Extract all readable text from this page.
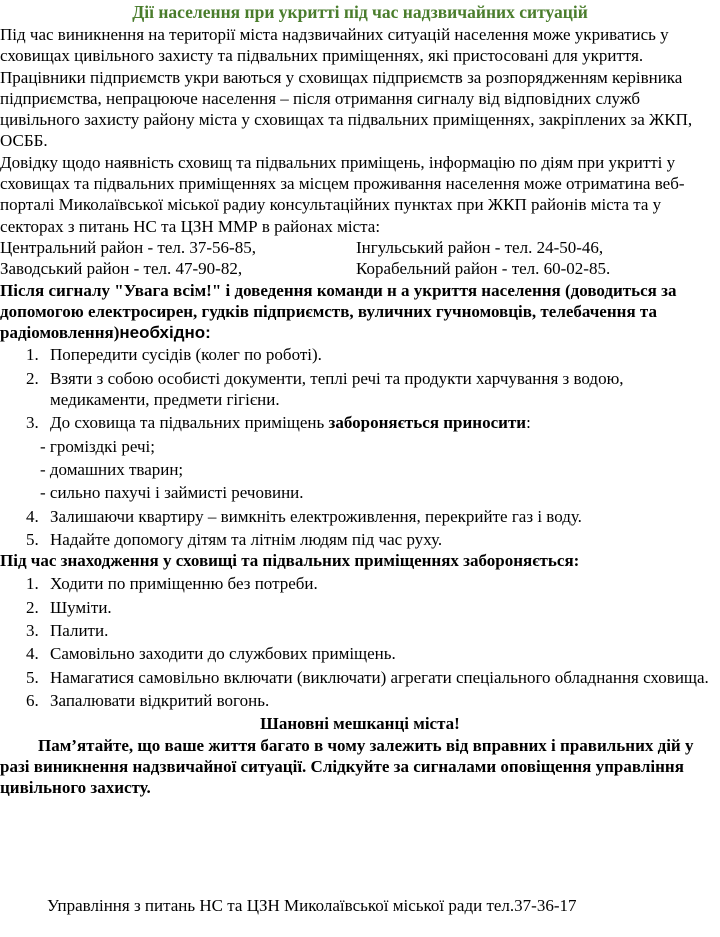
Дії населення при укритті під час надзвичайних ситуацій

Під час виникнення на території міста надзвичайних ситуацій населення може укриватись у сховищах цивільного захисту та підвальних приміщеннях, які пристосовані для укриття.

Працівники підприємств укри ваються у сховищах підприємств за розпорядженням керівника підприємства, непрацююче населення – після отримання сигналу від відповідних служб цивільного захисту району міста у сховищах та підвальних приміщеннях, закріплених за ЖКП, ОСББ.

Довідку щодо наявність сховищ та підвальних приміщень, інформацію по діям при укритті у сховищах та підвальних приміщеннях за місцем проживання населення може отриматина веб-порталі Миколаївської міської радиу консультаційних пунктах при ЖКП районів міста та у секторах з питань НС та ЦЗН ММР в районах міста:

Центральний район - тел. 37-56-85,	Інгульський район - тел. 24-50-46,
Заводський район - тел. 47-90-82,	Корабельний район - тел. 60-02-85.

Після сигналу "Увага всім!" і доведення команди н а укриття населення (доводиться за допомогою електросирен, гудків підприємств, вуличних гучномовців, телебачення та радіомовлення)необхідно:

1. Попередити сусідів (колег по роботі).
2. Взяти з собою особисті документи, теплі речі та продукти харчування з водою, медикаменти, предмети гігієни.
3. До сховища та підвальних приміщень забороняється приносити:

- громіздкі речі;

- домашних тварин;

- сильно пахучі і займисті речовини.

4. Залишаючи квартиру – вимкніть електроживлення, перекрийте газ і воду.
5. Надайте допомогу дітям та літнім людям під час руху.

Під час знаходження у сховищі та підвальних приміщеннях забороняється:

1. Ходити по приміщенню без потреби.
2. Шуміти.
3. Палити.
4. Самовільно заходити до службових приміщень.
5. Намагатися самовільно включати (виключати) агрегати спеціального обладнання сховища.
6. Запалювати відкритий вогонь.

Шановні мешканці міста!

Пам’ятайте, що ваше життя багато в чому залежить від вправних і правильних дій у разі виникнення надзвичайної ситуації. Слідкуйте за сигналами оповіщення управління цивільного захисту.

Управління з питань НС та ЦЗН Миколаївської міської ради тел.37-36-17
